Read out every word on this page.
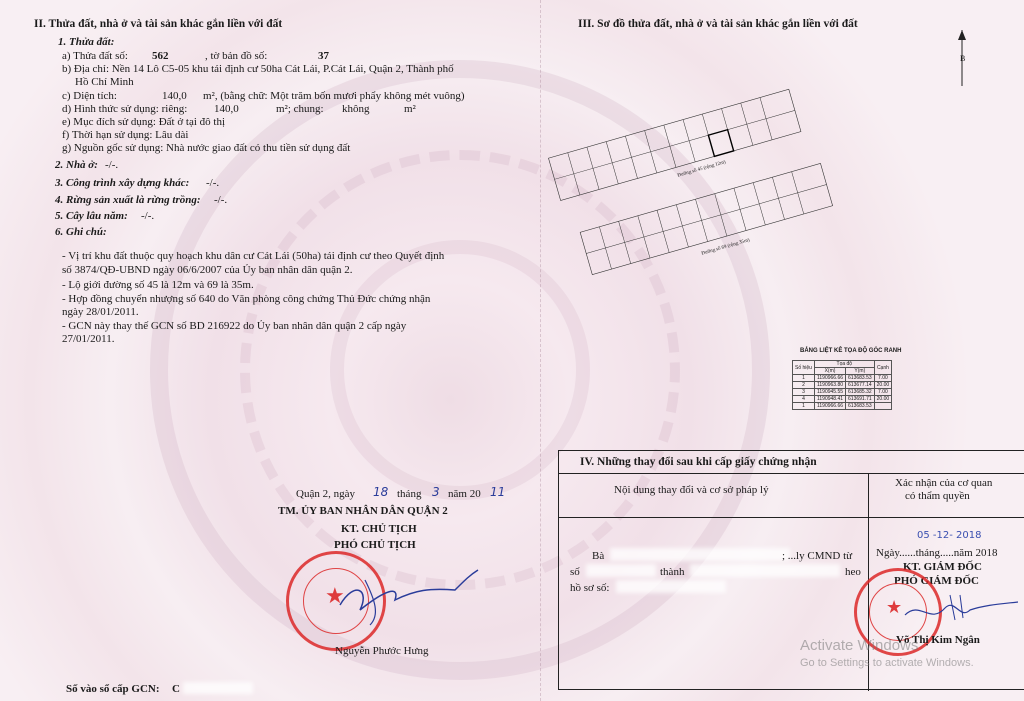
II. Thửa đất, nhà ở và tài sản khác gắn liền với đất
1. Thửa đất:
a) Thửa đất số: 562	, tờ bản đồ số:	37
b) Địa chỉ: Nền 14 Lô C5-05 khu tái định cư 50ha Cát Lái, P.Cát Lái, Quận 2, Thành phố
Hồ Chí Minh
c) Diện tích:	140,0 m², (bằng chữ: Một trăm bốn mươi phẩy không mét vuông)
d) Hình thức sử dụng: riêng: 140,0	m²; chung: không	m²
e) Mục đích sử dụng: Đất ở tại đô thị
f) Thời hạn sử dụng: Lâu dài
g) Nguồn gốc sử dụng: Nhà nước giao đất có thu tiền sử dụng đất
2. Nhà ở: -/-.
3. Công trình xây dựng khác: -/-.
4. Rừng sản xuất là rừng trồng: -/-.
5. Cây lâu năm: -/-.
6. Ghi chú:
- Vị trí khu đất thuộc quy hoạch khu dân cư Cát Lái (50ha) tái định cư theo Quyết định
số 3874/QĐ-UBND ngày 06/6/2007 của Ủy ban nhân dân quận 2.
- Lộ giới đường số 45 là 12m và 69 là 35m.
- Hợp đồng chuyển nhượng số 640 do Văn phòng công chứng Thủ Đức chứng nhận
ngày 28/01/2011.
- GCN này thay thế GCN số BD 216922 do Ủy ban nhân dân quận 2 cấp ngày
27/01/2011.
Quận 2, ngày 18 tháng 3 năm 20 11
TM. ỦY BAN NHÂN DÂN QUẬN 2
KT. CHỦ TỊCH
PHÓ CHỦ TỊCH
★
Nguyễn Phước Hưng
Số vào sổ cấp GCN: C
III. Sơ đồ thửa đất, nhà ở và tài sản khác gắn liền với đất
B
Đường số 45 (rộng 12m)
Đường số 69 (rộng 35m)
BẢNG LIỆT KÊ TỌA ĐỘ GÓC RANH
Số hiệu	Tọa độ		Cạnh
	X(m)	Y(m)	
1	1190966.66	613683.53	7.00
2	1190963.80	613677.14	20.00
3	1190945.55	613685.32	7.00
4	1190948.41	613691.71	20.00
1	1190966.66	613683.53	
IV. Những thay đổi sau khi cấp giấy chứng nhận
Nội dung thay đổi và cơ sở pháp lý
Xác nhận của cơ quan
có thẩm quyền
Bà	; ...ly CMND từ
số	thành	heo
hồ sơ số:
05 -12- 2018
Ngày......tháng.....năm 2018
KT. GIÁM ĐỐC
PHÓ GIÁM ĐỐC
★
Võ Thị Kim Ngân
Activate Windows
Go to Settings to activate Windows.
